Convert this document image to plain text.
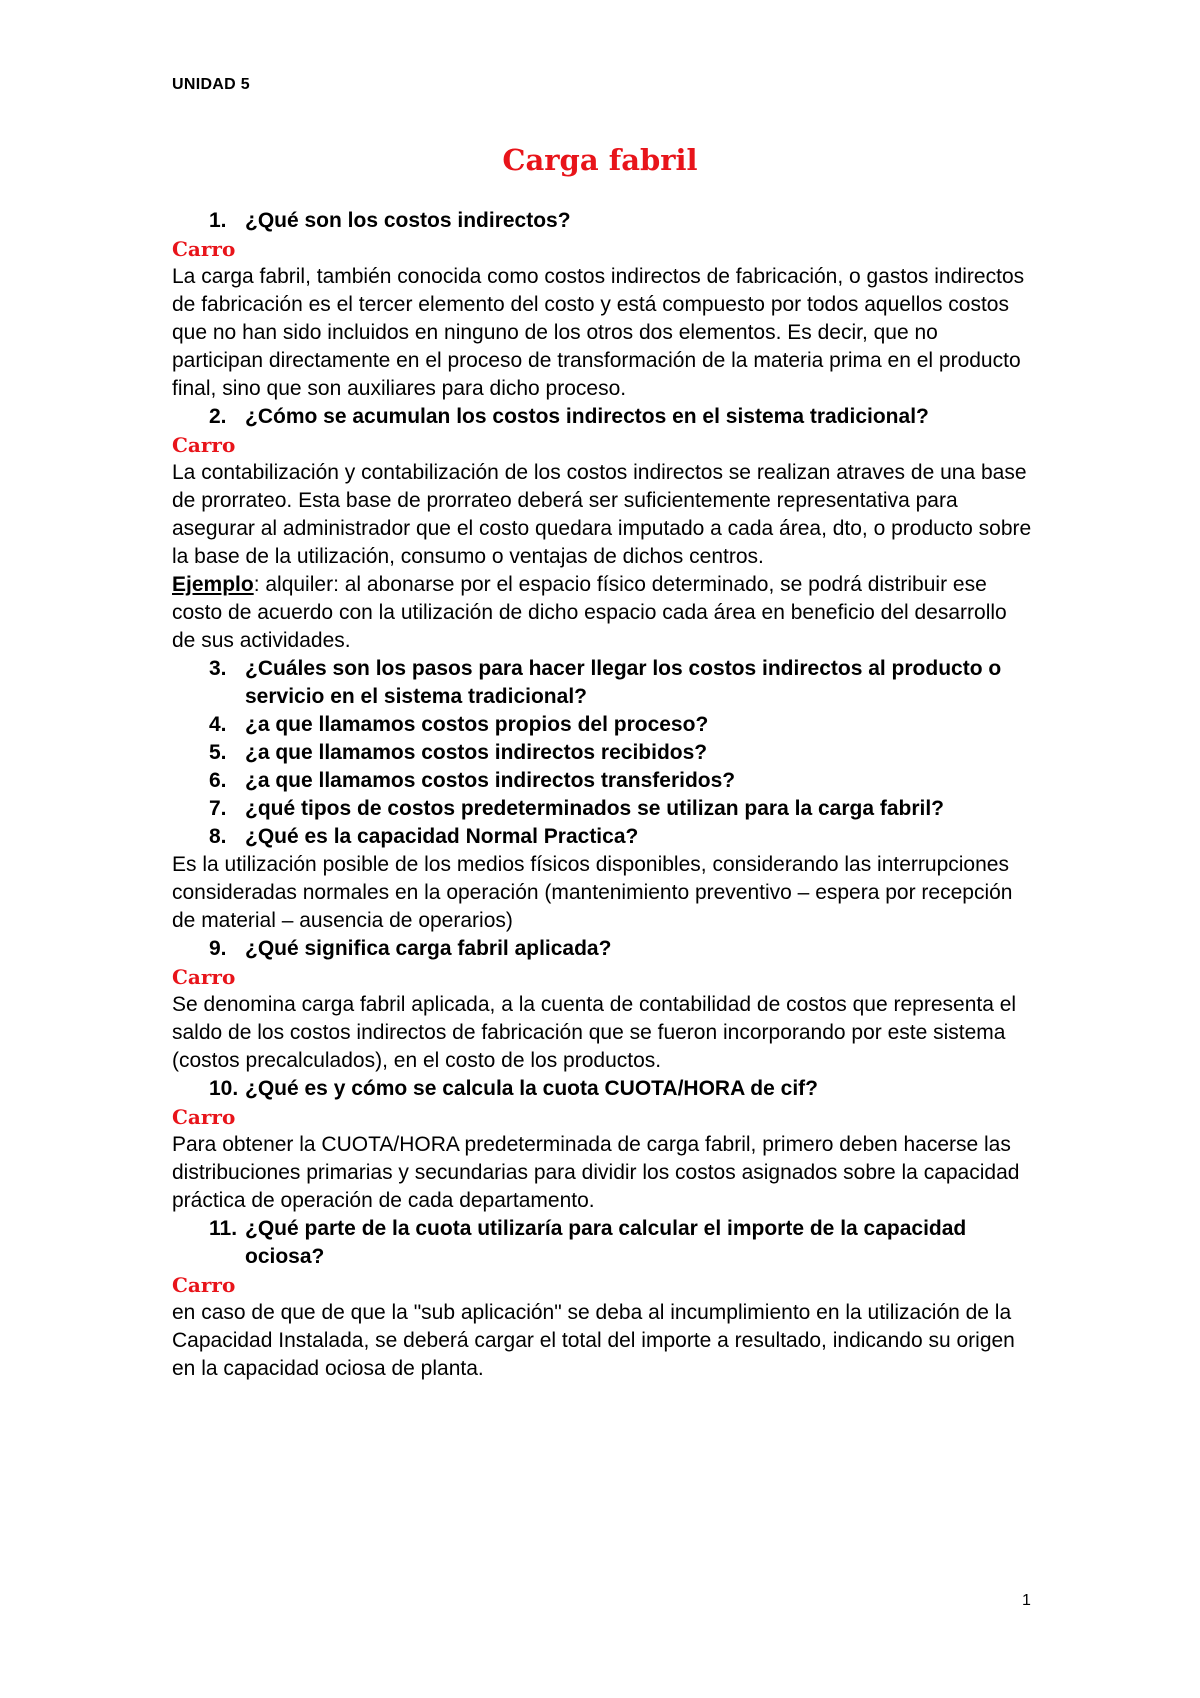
UNIDAD 5
Carga fabril
1. ¿Qué son los costos indirectos?

Carro

La carga fabril, también conocida como costos indirectos de fabricación, o gastos indirectos de fabricación es el tercer elemento del costo y está compuesto por todos aquellos costos que no han sido incluidos en ninguno de los otros dos elementos. Es decir, que no participan directamente en el proceso de transformación de la materia prima en el producto final, sino que son auxiliares para dicho proceso.

2. ¿Cómo se acumulan los costos indirectos en el sistema tradicional?

Carro

La contabilización y contabilización de los costos indirectos se realizan atraves de una base de prorrateo. Esta base de prorrateo deberá ser suficientemente representativa para asegurar al administrador que el costo quedara imputado a cada área, dto, o producto sobre la base de la utilización, consumo o ventajas de dichos centros.

Ejemplo: alquiler: al abonarse por el espacio físico determinado, se podrá distribuir ese costo de acuerdo con la utilización de dicho espacio cada área en beneficio del desarrollo de sus actividades.

3. ¿Cuáles son los pasos para hacer llegar los costos indirectos al producto o servicio en el sistema tradicional?
4. ¿a que llamamos costos propios del proceso?
5. ¿a que llamamos costos indirectos recibidos?
6. ¿a que llamamos costos indirectos transferidos?
7. ¿qué tipos de costos predeterminados se utilizan para la carga fabril?
8. ¿Qué es la capacidad Normal Practica?

Es la utilización posible de los medios físicos disponibles, considerando las interrupciones consideradas normales en la operación (mantenimiento preventivo – espera por recepción de material – ausencia de operarios)

9. ¿Qué significa carga fabril aplicada?

Carro

Se denomina carga fabril aplicada, a la cuenta de contabilidad de costos que representa el saldo de los costos indirectos de fabricación que se fueron incorporando por este sistema (costos precalculados), en el costo de los productos.

10. ¿Qué es y cómo se calcula la cuota CUOTA/HORA de cif?

Carro

Para obtener la CUOTA/HORA predeterminada de carga fabril, primero deben hacerse las distribuciones primarias y secundarias para dividir los costos asignados sobre la capacidad práctica de operación de cada departamento.

11. ¿Qué parte de la cuota utilizaría para calcular el importe de la capacidad ociosa?

Carro

en caso de que de que la "sub aplicación" se deba al incumplimiento en la utilización de la Capacidad Instalada, se deberá cargar el total del importe a resultado, indicando su origen en la capacidad ociosa de planta.

1
